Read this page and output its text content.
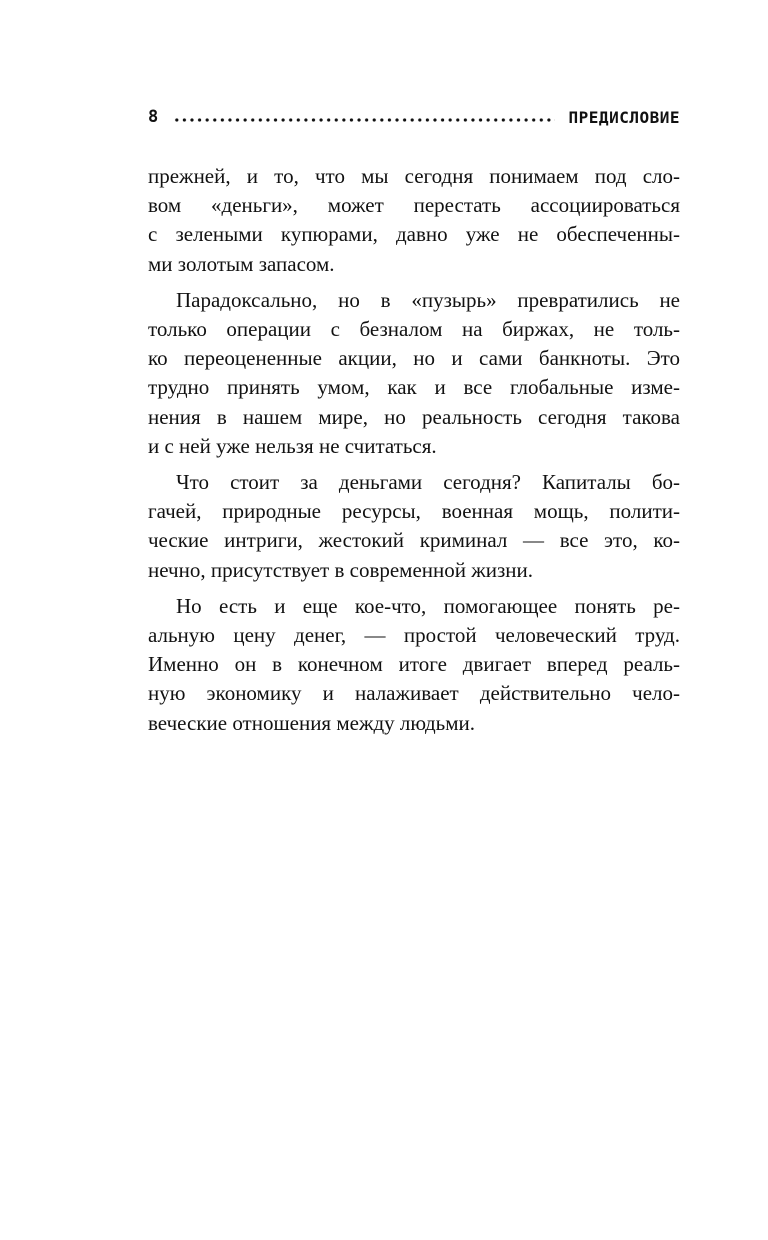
8	ПРЕДИСЛОВИЕ
прежней, и то, что мы сегодня понимаем под сло-
вом «деньги», может перестать ассоциироваться
с зелеными купюрами, давно уже не обеспеченны-
ми золотым запасом.
Парадоксально, но в «пузырь» превратились не
только операции с безналом на биржах, не толь-
ко переоцененные акции, но и сами банкноты. Это
трудно принять умом, как и все глобальные изме-
нения в нашем мире, но реальность сегодня такова
и с ней уже нельзя не считаться.
Что стоит за деньгами сегодня? Капиталы бо-
гачей, природные ресурсы, военная мощь, полити-
ческие интриги, жестокий криминал — все это, ко-
нечно, присутствует в современной жизни.
Но есть и еще кое-что, помогающее понять ре-
альную цену денег, — простой человеческий труд.
Именно он в конечном итоге двигает вперед реаль-
ную экономику и налаживает действительно чело-
веческие отношения между людьми.
